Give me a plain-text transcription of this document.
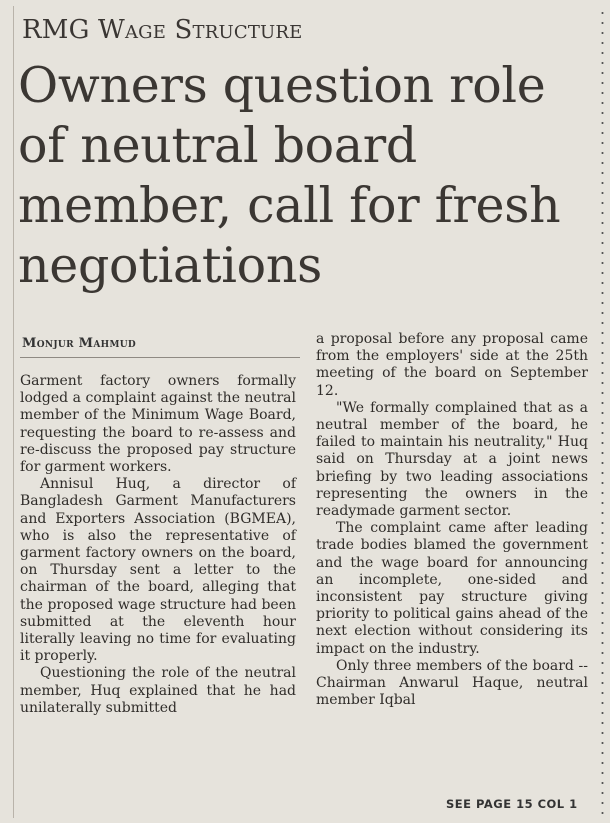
RMG Wage Structure
Owners question role of neutral board member, call for fresh negotiations
Monjur Mahmud

Garment factory owners formally lodged a complaint against the neutral member of the Minimum Wage Board, requesting the board to re-assess and re-discuss the proposed pay structure for garment workers.

Annisul Huq, a director of Bangladesh Garment Manufacturers and Exporters Association (BGMEA), who is also the representative of garment factory owners on the board, on Thursday sent a letter to the chairman of the board, alleging that the proposed wage structure had been submitted at the eleventh hour literally leaving no time for evaluating it properly.

Questioning the role of the neutral member, Huq explained that he had unilaterally submitted

a proposal before any proposal came from the employers' side at the 25th meeting of the board on September 12.

"We formally complained that as a neutral member of the board, he failed to maintain his neutrality," Huq said on Thursday at a joint news briefing by two leading associations representing the owners in the readymade garment sector.

The complaint came after leading trade bodies blamed the government and the wage board for announcing an incomplete, one-sided and inconsistent pay structure giving priority to political gains ahead of the next election without considering its impact on the industry.

Only three members of the board -- Chairman Anwarul Haque, neutral member Iqbal

SEE PAGE 15 COL 1
